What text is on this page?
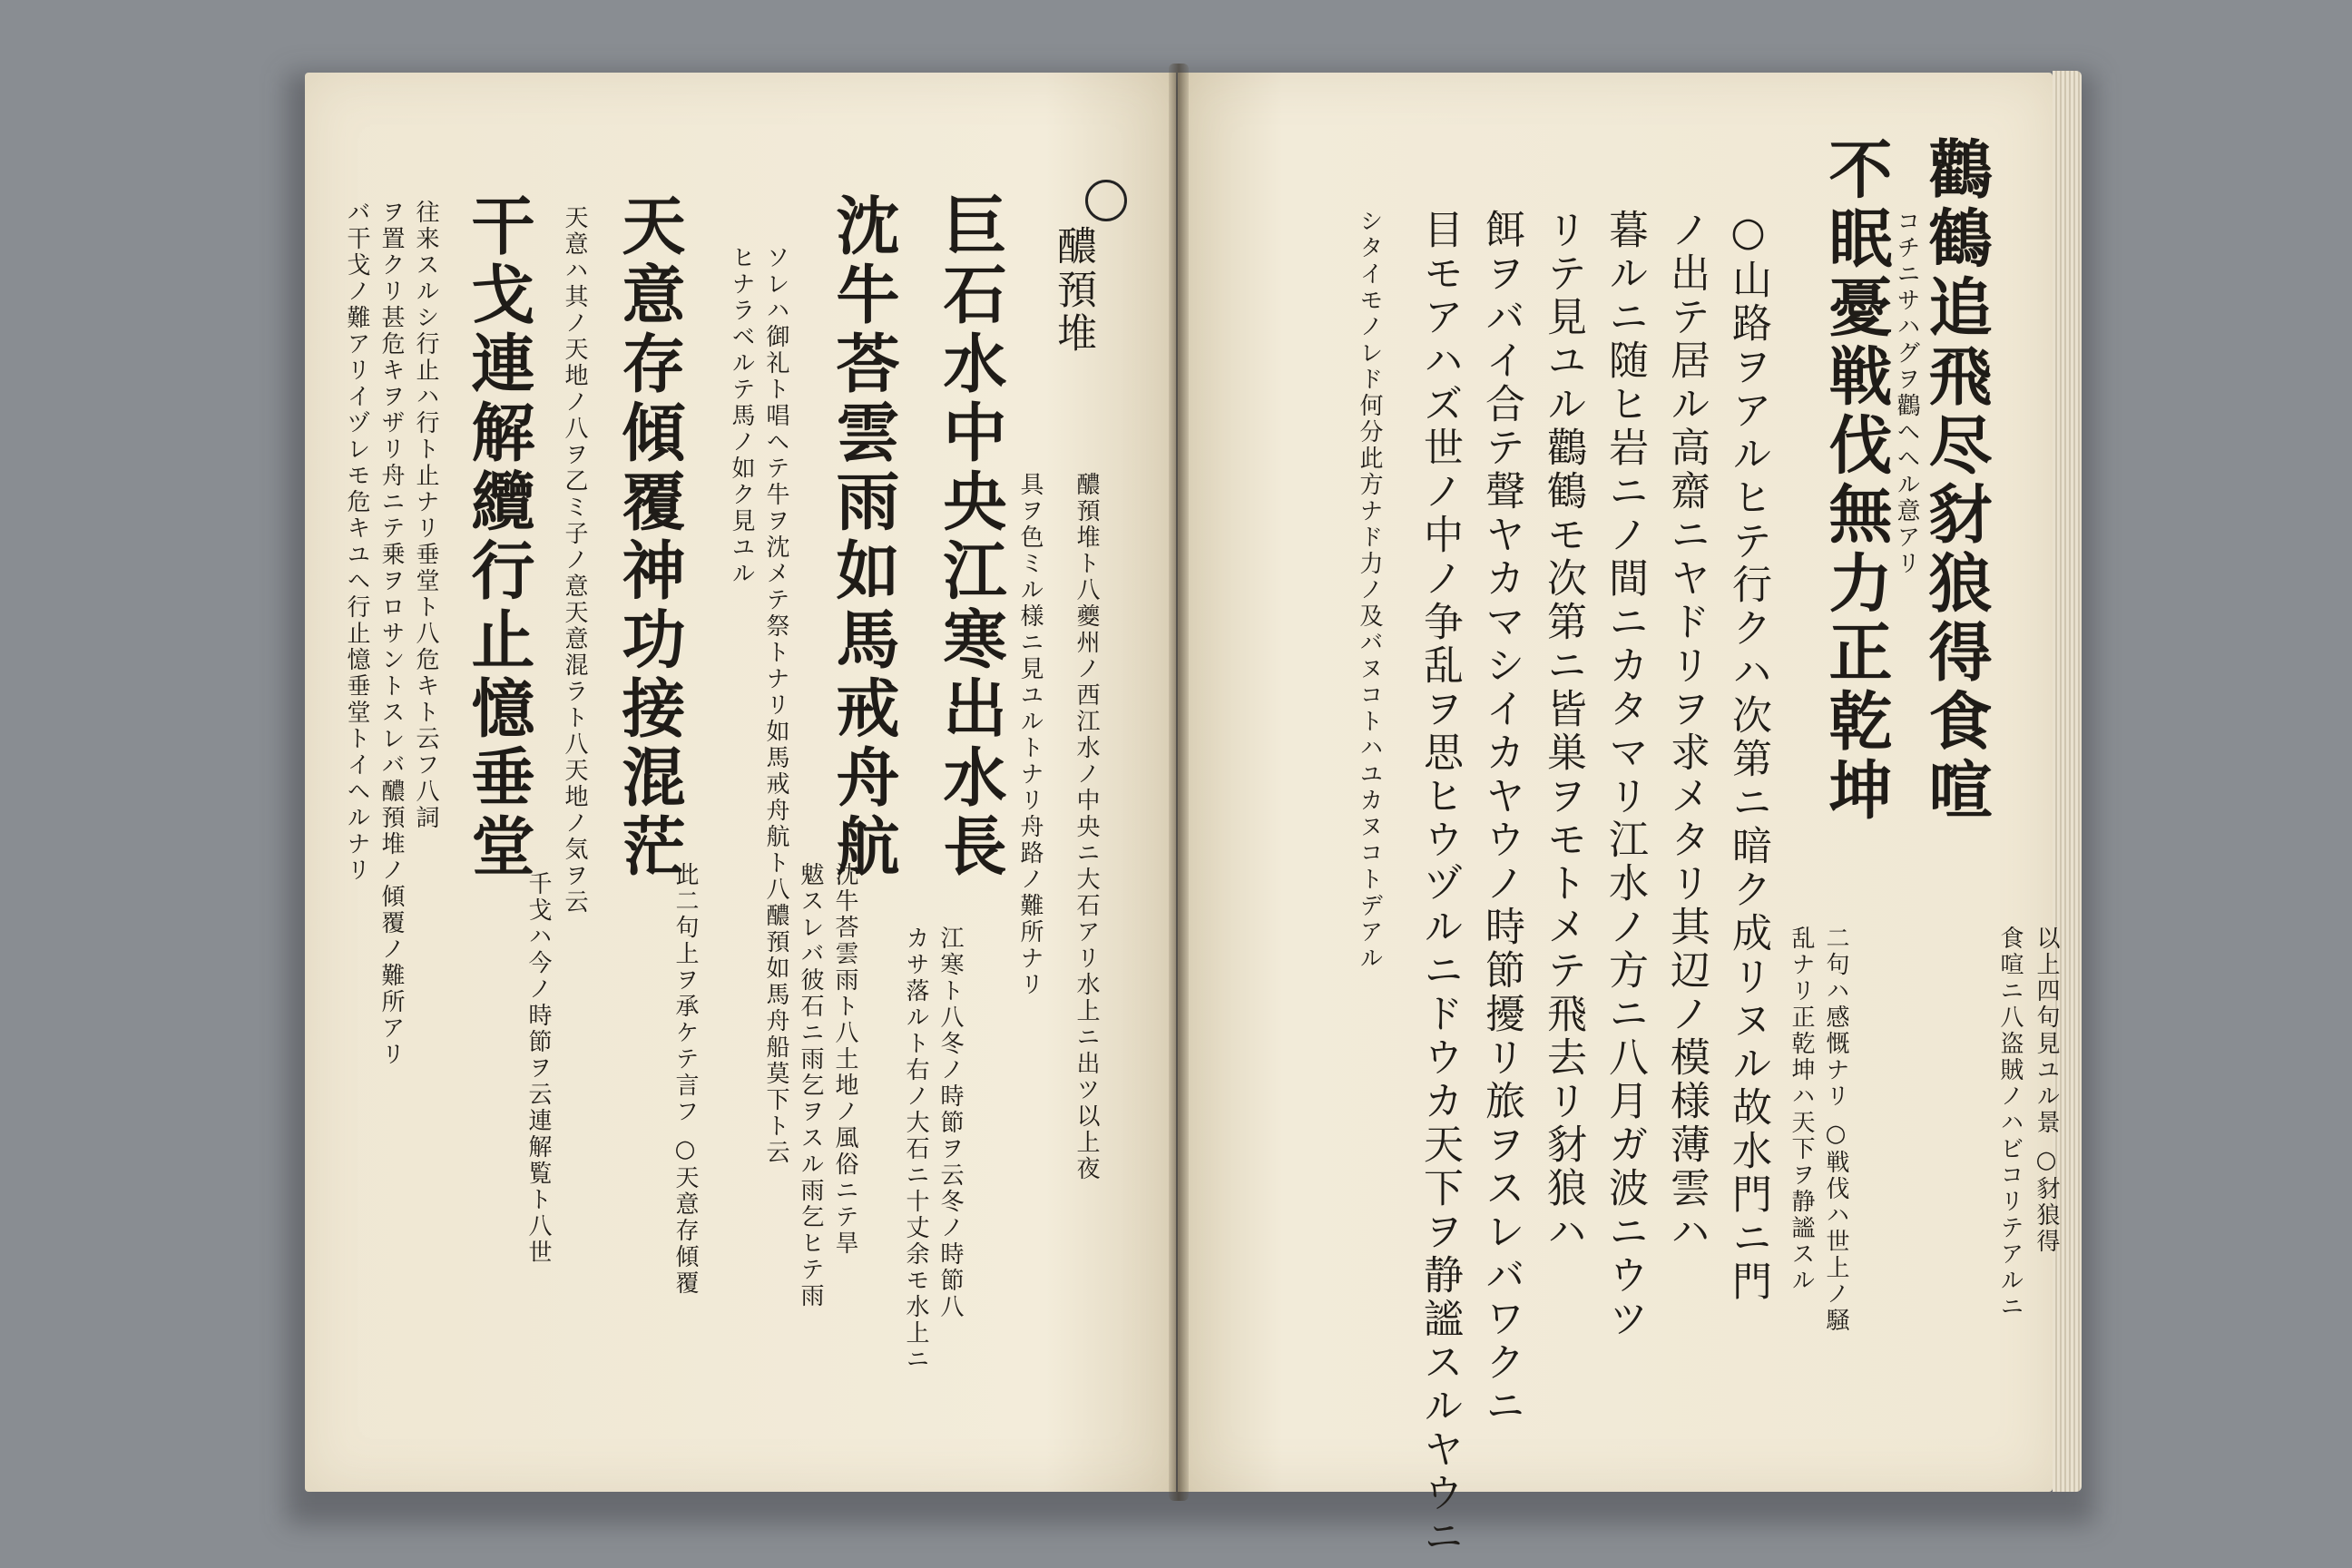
醲預堆
醲預堆ト八夔州ノ西江水ノ中央ニ大石アリ水上ニ出ツ以上夜
具ヲ色ミル様ニ見ユルトナリ舟路ノ難所ナリ
江寒ト八冬ノ時節ヲ云冬ノ時節八
カサ落ルト右ノ大石ニ十丈余モ水上ニ
巨石水中央江寒出水長
沈牛荅雲雨如馬戒舟航
沈牛荅雲雨ト八土地ノ風俗ニテ旱
魃スレバ彼石ニ雨乞ヲスル雨乞ヒテ雨
ソレハ御礼ト唱ヘテ牛ヲ沈メテ祭トナリ如馬戒舟航ト八醲預如馬舟船莫下ト云
ヒナラベルテ馬ノ如ク見ユル
此二句上ヲ承ケテ言フ ○天意存傾覆
天意存傾覆神功接混茫
天意ハ其ノ天地ノ八ヲ乙ミ子ノ意天意混ラト八天地ノ気ヲ云
千戈ハ今ノ時節ヲ云連解覧ト八世
干戈連解纜行止憶垂堂
往来スルシ行止ハ行ト止ナリ垂堂ト八危キト云フ八詞
ヲ置クリ甚危キヲザリ舟ニテ乗ヲロサントスレバ醲預堆ノ傾覆ノ難所アリ
バ干戈ノ難アリイヅレモ危キユヘ行止憶垂堂トイヘルナリ	鸛鶴追飛尽豺狼得食喧
コチニサハグヲ鸛ヘヘル意アリ
不眠憂戦伐無力正乾坤
○山路ヲアルヒテ行クハ次第ニ暗ク成リヌル故水門ニ門
ノ出テ居ル高齋ニヤドリヲ求メタリ其辺ノ模様薄雲ハ
暮ルニ随ヒ岩ニノ間ニカタマリ江水ノ方ニ八月ガ波ニウツ
リテ見ユル鸛鶴モ次第ニ皆巣ヲモトメテ飛去リ豺狼ハ
餌ヲバイ合テ聲ヤカマシイカヤウノ時節擾リ旅ヲスレバワクニ
目モアハズ世ノ中ノ争乱ヲ思ヒウヅルニドウカ天下ヲ静謐スルヤウニ
シタイモノレド何分此方ナド力ノ及バヌコトハユカヌコトデアル
以上四句見ユル景 ○豺狼得
食喧ニ八盗賊ノハビコリテアルニ
二句ハ感慨ナリ ○戦伐ハ世上ノ騒
乱ナリ正乾坤ハ天下ヲ静謐スル
